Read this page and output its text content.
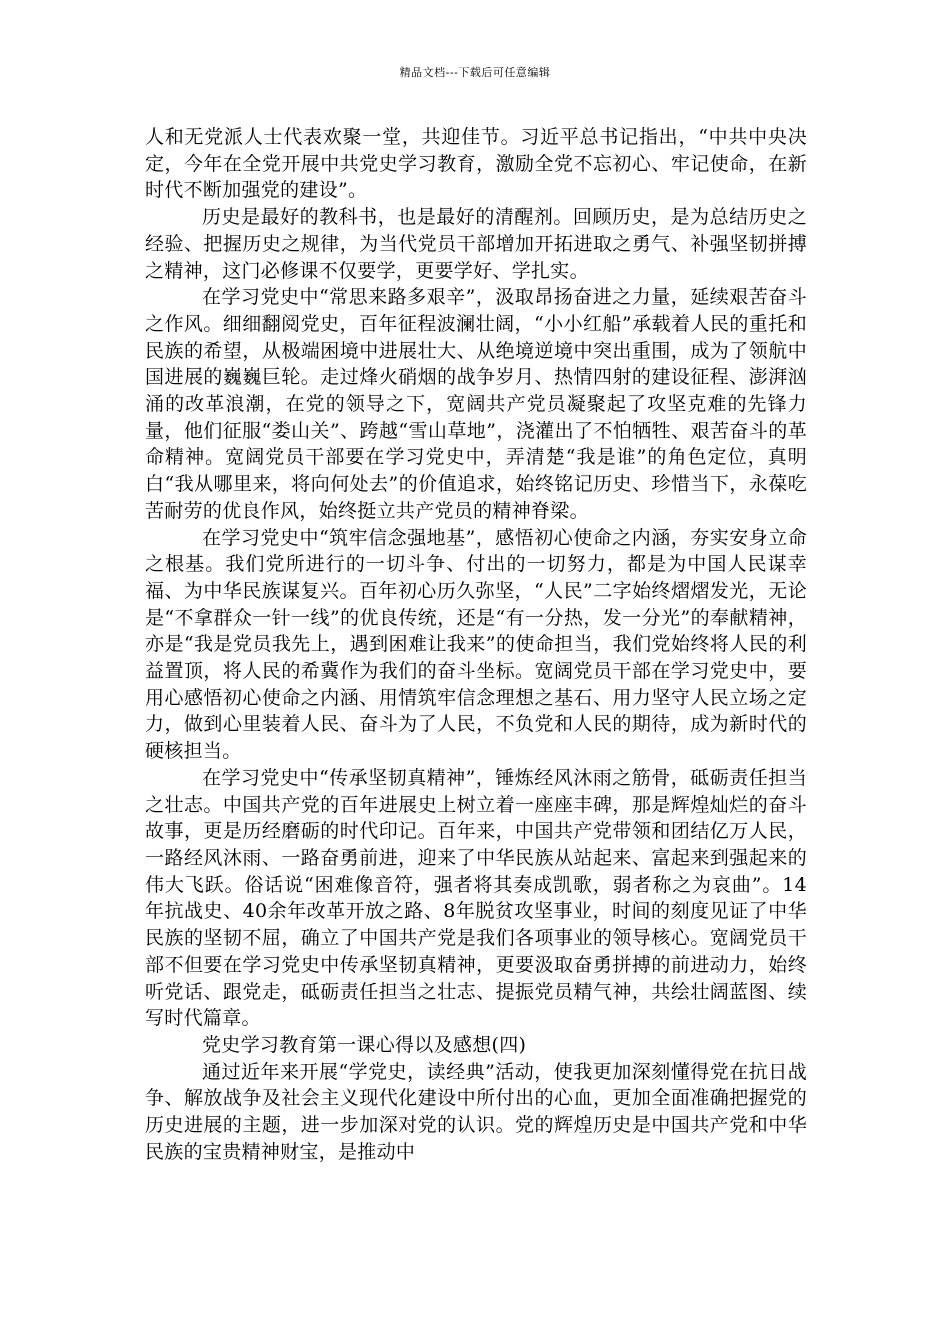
精品文档---下载后可任意编辑

人和无党派人士代表欢聚一堂，共迎佳节。习近平总书记指出，“中共中央决定，今年在全党开展中共党史学习教育，激励全党不忘初心、牢记使命，在新时代不断加强党的建设”。

历史是最好的教科书，也是最好的清醒剂。回顾历史，是为总结历史之经验、把握历史之规律，为当代党员干部增加开拓进取之勇气、补强坚韧拼搏之精神，这门必修课不仅要学，更要学好、学扎实。

在学习党史中“常思来路多艰辛”，汲取昂扬奋进之力量，延续艰苦奋斗之作风。细细翻阅党史，百年征程波澜壮阔，“小小红船”承载着人民的重托和民族的希望，从极端困境中进展壮大、从绝境逆境中突出重围，成为了领航中国进展的巍巍巨轮。走过烽火硝烟的战争岁月、热情四射的建设征程、澎湃汹涌的改革浪潮，在党的领导之下，宽阔共产党员凝聚起了攻坚克难的先锋力量，他们征服“娄山关”、跨越“雪山草地”，浇灌出了不怕牺牲、艰苦奋斗的革命精神。宽阔党员干部要在学习党史中，弄清楚“我是谁”的角色定位，真明白“我从哪里来，将向何处去”的价值追求，始终铭记历史、珍惜当下，永葆吃苦耐劳的优良作风，始终挺立共产党员的精神脊梁。

在学习党史中“筑牢信念强地基”，感悟初心使命之内涵，夯实安身立命之根基。我们党所进行的一切斗争、付出的一切努力，都是为中国人民谋幸福、为中华民族谋复兴。百年初心历久弥坚，“人民”二字始终熠熠发光，无论是“不拿群众一针一线”的优良传统，还是“有一分热，发一分光”的奉献精神，亦是“我是党员我先上，遇到困难让我来”的使命担当，我们党始终将人民的利益置顶，将人民的希冀作为我们的奋斗坐标。宽阔党员干部在学习党史中，要用心感悟初心使命之内涵、用情筑牢信念理想之基石、用力坚守人民立场之定力，做到心里装着人民、奋斗为了人民，不负党和人民的期待，成为新时代的硬核担当。

在学习党史中“传承坚韧真精神”，锤炼经风沐雨之筋骨，砥砺责任担当之壮志。中国共产党的百年进展史上树立着一座座丰碑，那是辉煌灿烂的奋斗故事，更是历经磨砺的时代印记。百年来，中国共产党带领和团结亿万人民，一路经风沐雨、一路奋勇前进，迎来了中华民族从站起来、富起来到强起来的伟大飞跃。俗话说“困难像音符，强者将其奏成凯歌，弱者称之为哀曲”。14年抗战史、40余年改革开放之路、8年脱贫攻坚事业，时间的刻度见证了中华民族的坚韧不屈，确立了中国共产党是我们各项事业的领导核心。宽阔党员干部不但要在学习党史中传承坚韧真精神，更要汲取奋勇拼搏的前进动力，始终听党话、跟党走，砥砺责任担当之壮志、提振党员精气神，共绘壮阔蓝图、续写时代篇章。

党史学习教育第一课心得以及感想(四)

通过近年来开展“学党史，读经典”活动，使我更加深刻懂得党在抗日战争、解放战争及社会主义现代化建设中所付出的心血，更加全面准确把握党的历史进展的主题，进一步加深对党的认识。党的辉煌历史是中国共产党和中华民族的宝贵精神财宝，是推动中
